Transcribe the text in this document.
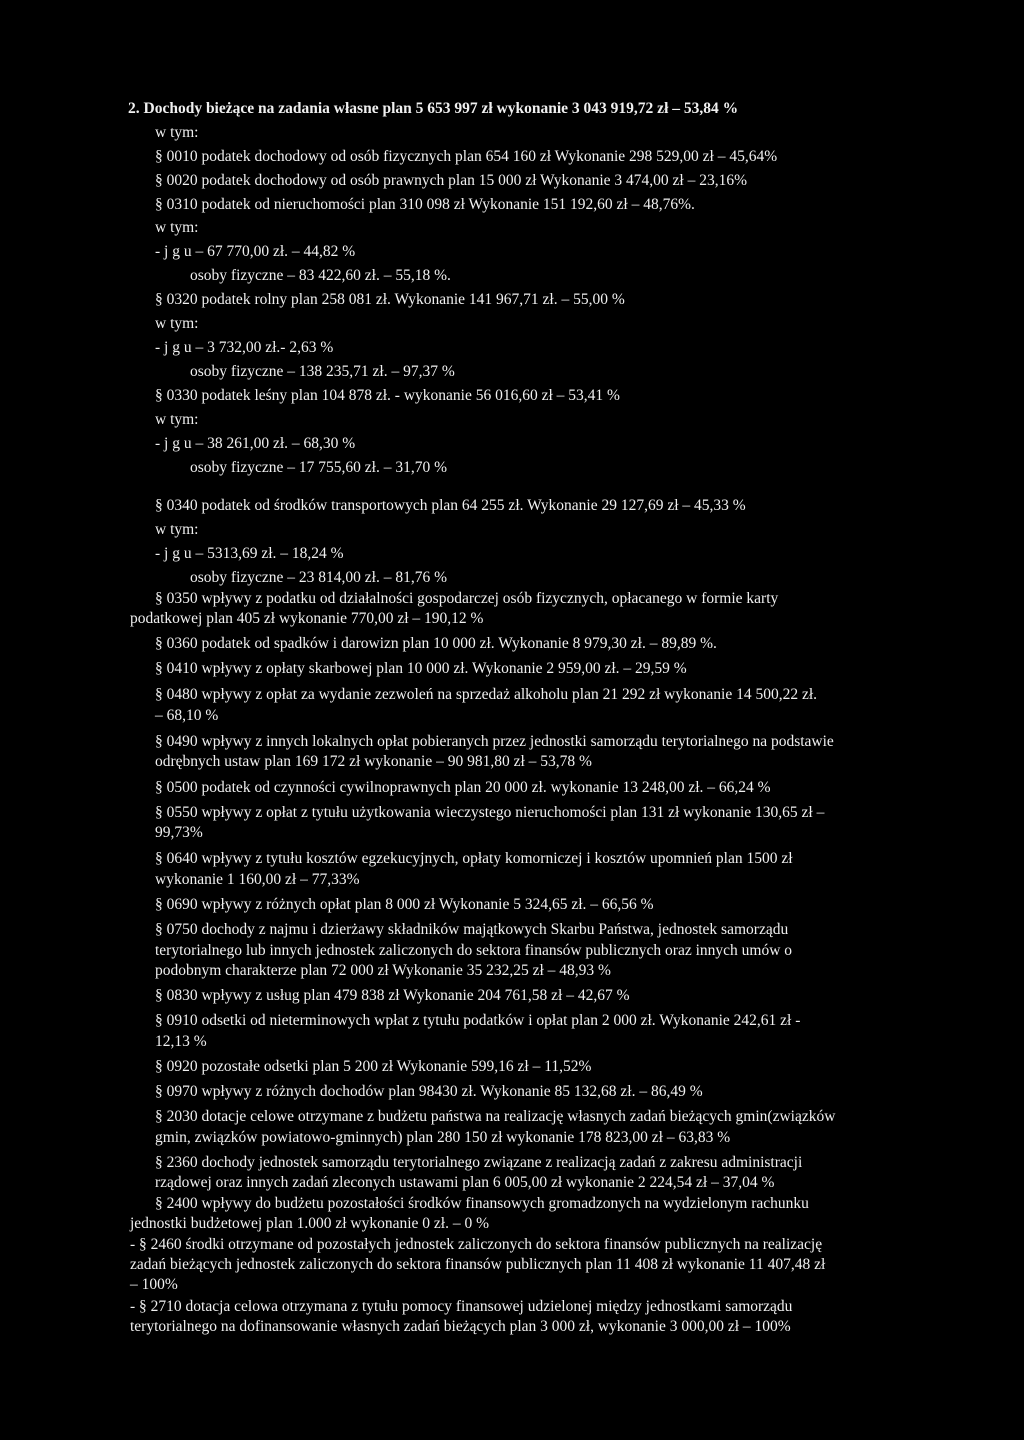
2. Dochody bieżące na zadania własne plan 5 653 997 zł wykonanie 3 043 919,72 zł – 53,84 %
w tym:
§ 0010 podatek dochodowy od osób fizycznych plan 654 160 zł Wykonanie 298 529,00 zł – 45,64%
§ 0020 podatek dochodowy od osób prawnych plan 15 000 zł Wykonanie 3 474,00 zł – 23,16%
§ 0310 podatek od nieruchomości plan 310 098 zł Wykonanie 151 192,60 zł – 48,76%.
w tym:
- j g u – 67 770,00 zł. – 44,82 %
osoby fizyczne – 83 422,60 zł. – 55,18 %.
§ 0320 podatek rolny plan 258 081 zł. Wykonanie 141 967,71 zł. – 55,00 %
w tym:
- j g u – 3 732,00 zł.- 2,63 %
osoby fizyczne – 138 235,71 zł. – 97,37 %
§ 0330 podatek leśny plan 104 878 zł. - wykonanie 56 016,60 zł – 53,41 %
w tym:
- j g u – 38 261,00 zł. – 68,30 %
osoby fizyczne – 17 755,60 zł. – 31,70 %
§ 0340 podatek od środków transportowych plan 64 255 zł. Wykonanie 29 127,69 zł – 45,33 %
w tym:
- j g u – 5313,69 zł. – 18,24 %
osoby fizyczne – 23 814,00 zł. – 81,76 %
§ 0350 wpływy z podatku od działalności gospodarczej osób fizycznych, opłacanego w formie karty
podatkowej plan 405 zł wykonanie 770,00 zł – 190,12 %
§ 0360 podatek od spadków i darowizn plan 10 000 zł. Wykonanie 8 979,30 zł. – 89,89 %.
§ 0410 wpływy z opłaty skarbowej plan 10 000 zł. Wykonanie 2 959,00 zł. – 29,59 %
§ 0480 wpływy z opłat za wydanie zezwoleń na sprzedaż alkoholu plan 21 292 zł wykonanie 14 500,22 zł.
– 68,10 %
§ 0490 wpływy z innych lokalnych opłat pobieranych przez jednostki samorządu terytorialnego na podstawie
odrębnych ustaw plan 169 172 zł wykonanie – 90 981,80 zł – 53,78 %
§ 0500 podatek od czynności cywilnoprawnych plan 20 000 zł. wykonanie 13 248,00 zł. – 66,24 %
§ 0550 wpływy z opłat z tytułu użytkowania wieczystego nieruchomości plan 131 zł wykonanie 130,65 zł –
99,73%
§ 0640 wpływy z tytułu kosztów egzekucyjnych, opłaty komorniczej i kosztów upomnień plan 1500 zł
wykonanie 1 160,00 zł – 77,33%
§ 0690 wpływy z różnych opłat plan 8 000 zł Wykonanie 5 324,65 zł. – 66,56 %
§ 0750 dochody z najmu i dzierżawy składników majątkowych Skarbu Państwa, jednostek samorządu
terytorialnego lub innych jednostek zaliczonych do sektora finansów publicznych oraz innych umów o
podobnym charakterze plan 72 000 zł Wykonanie 35 232,25 zł – 48,93 %
§ 0830 wpływy z usług plan 479 838 zł Wykonanie 204 761,58 zł – 42,67 %
§ 0910 odsetki od nieterminowych wpłat z tytułu podatków i opłat plan 2 000 zł. Wykonanie 242,61 zł -
12,13 %
§ 0920 pozostałe odsetki plan 5 200 zł Wykonanie 599,16 zł – 11,52%
§ 0970 wpływy z różnych dochodów plan 98430 zł. Wykonanie 85 132,68 zł. – 86,49 %
§ 2030 dotacje celowe otrzymane z budżetu państwa na realizację własnych zadań bieżących gmin(związków
gmin, związków powiatowo-gminnych) plan 280 150 zł wykonanie 178 823,00 zł – 63,83 %
§ 2360 dochody jednostek samorządu terytorialnego związane z realizacją zadań z zakresu administracji
rządowej oraz innych zadań zleconych ustawami plan 6 005,00 zł wykonanie 2 224,54 zł – 37,04 %
§ 2400 wpływy do budżetu pozostałości środków finansowych gromadzonych na wydzielonym rachunku
jednostki budżetowej plan 1.000 zł wykonanie 0 zł. – 0 %
- § 2460 środki otrzymane od pozostałych jednostek zaliczonych do sektora finansów publicznych na realizację
zadań bieżących jednostek zaliczonych do sektora finansów publicznych plan 11 408 zł wykonanie 11 407,48 zł
– 100%
- § 2710 dotacja celowa otrzymana z tytułu pomocy finansowej udzielonej między jednostkami samorządu
terytorialnego na dofinansowanie własnych zadań bieżących plan 3 000 zł, wykonanie 3 000,00 zł – 100%
